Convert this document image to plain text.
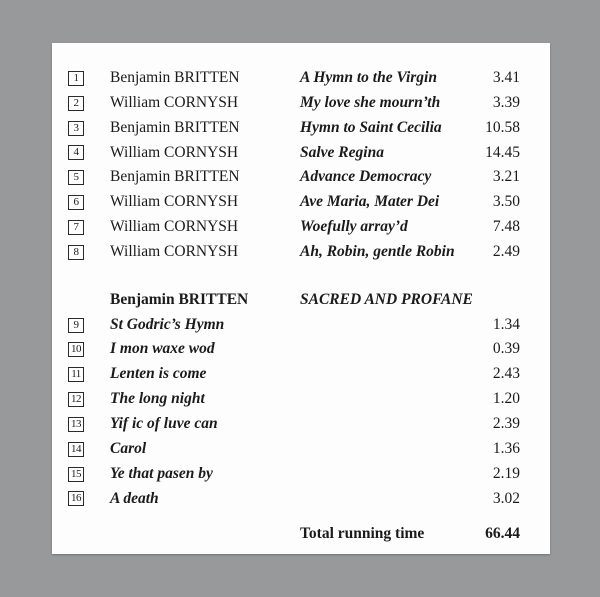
1	Benjamin BRITTEN	A Hymn to the Virgin	3.41
2	William CORNYSH	My love she mourn’th	3.39
3	Benjamin BRITTEN	Hymn to Saint Cecilia	10.58
4	William CORNYSH	Salve Regina	14.45
5	Benjamin BRITTEN	Advance Democracy	3.21
6	William CORNYSH	Ave Maria, Mater Dei	3.50
7	William CORNYSH	Woefully array’d	7.48
8	William CORNYSH	Ah, Robin, gentle Robin	2.49
Benjamin BRITTEN	SACRED AND PROFANE
9	St Godric’s Hymn	1.34
10 I mon waxe wod	0.39
11 Lenten is come	2.43
12 The long night	1.20
13 Yif ic of luve can	2.39
14 Carol	1.36
15 Ye that pasen by	2.19
16 A death	3.02
Total running time	66.44
